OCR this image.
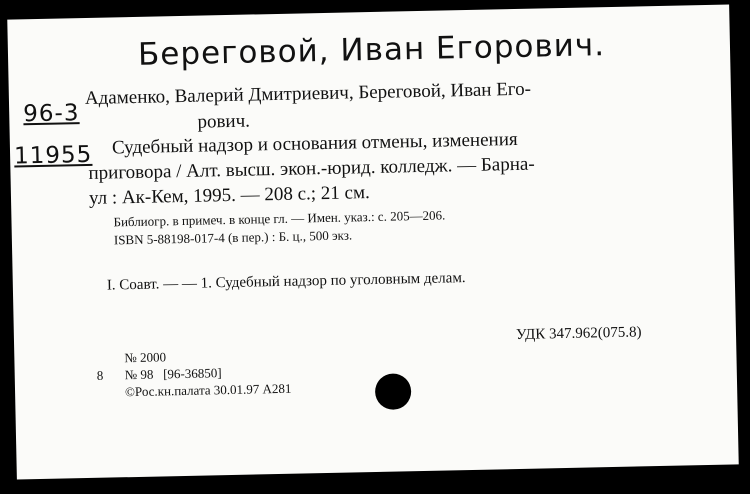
Береговой, Иван Егорович.
96-3
11955
Адаменко, Валерий Дмитриевич, Береговой, Иван Его-
рович.
Судебный надзор и основания отмены, изменения
приговора / Алт. высш. экон.-юрид. колледж. — Барна-
ул : Ак-Кем, 1995. — 208 с.; 21 см.
Библиогр. в примеч. в конце гл. — Имен. указ.: с. 205—206.
ISBN 5-88198-017-4 (в пер.) : Б. ц., 500 экз.
I. Соавт. — — 1. Судебный надзор по уголовным делам.
УДК 347.962(075.8)
№ 2000
8 № 98   [96-36850]
©Рос.кн.палата 30.01.97 А281
